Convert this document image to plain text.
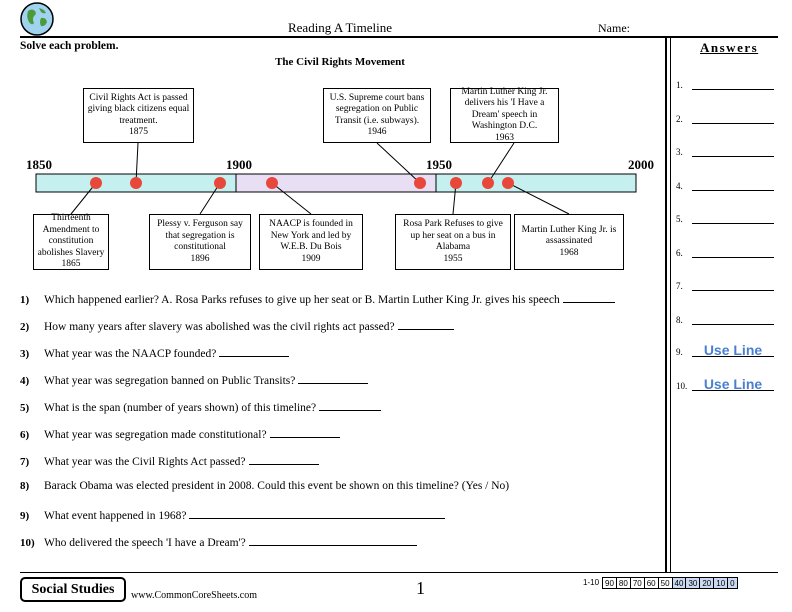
Reading A Timeline	Name:
Solve each problem.
The Civil Rights Movement
1850	1900	1950	2000
Civil Rights Act is passed giving black citizens equal treatment.
1875
U.S. Supreme court bans segregation on Public Transit (i.e. subways).
1946
Martin Luther King Jr. delivers his 'I Have a Dream' speech in Washington D.C.
1963
Thirteenth Amendment to constitution abolishes Slavery
1865
Plessy v. Ferguson say that segregation is constitutional
1896
NAACP is founded in New York and led by W.E.B. Du Bois
1909
Rosa Park Refuses to give up her seat on a bus in Alabama
1955
Martin Luther King Jr. is assassinated
1968
1)	Which happened earlier? A. Rosa Parks refuses to give up her seat or B. Martin Luther King Jr. gives his speech
2)	How many years after slavery was abolished was the civil rights act passed?
3)	What year was the NAACP founded?
4)	What year was segregation banned on Public Transits?
5)	What is the span (number of years shown) of this timeline?
6)	What year was segregation made constitutional?
7)	What year was the Civil Rights Act passed?
8)	Barack Obama was elected president in 2008. Could this event be shown on this timeline? (Yes / No)
9)	What event happened in 1968?
10) Who delivered the speech 'I have a Dream'?
Answers
1.
2.
3.
4.
5.
6.
7.
8.
9.	Use Line
10.	Use Line
Social Studies	www.CommonCoreSheets.com	1	1-10 90 80 70 60 50 40 30 20 10 0
